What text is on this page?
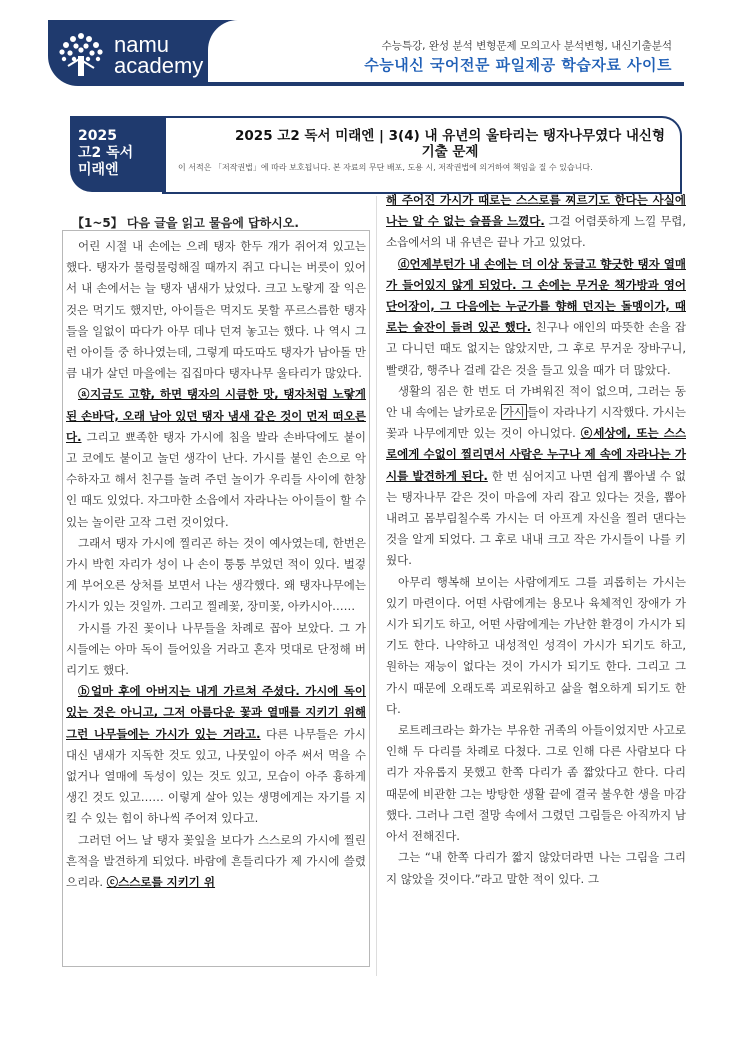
namu
academy
수능특강, 완성 분석 변형문제 모의고사 분석변형, 내신기출분석
수능내신 국어전문 파일제공 학습자료 사이트
2025
고2 독서
미래엔
2025 고2 독서 미래엔 | 3(4) 내 유년의 울타리는 탱자나무였다 내신형
기출 문제
이 서적은 「저작권법」에 따라 보호됩니다. 본 자료의 무단 배포, 도용 시, 저작권법에 의거하여 책임을 질 수 있습니다.
【1~5】 다음 글을 읽고 물음에 답하시오.

어린 시절 내 손에는 으레 탱자 한두 개가 쥐어져 있고는 했다. 탱자가 물렁물렁해질 때까지 쥐고 다니는 버릇이 있어서 내 손에서는 늘 탱자 냄새가 났었다. 크고 노랗게 잘 익은 것은 먹기도 했지만, 아이들은 먹지도 못할 푸르스름한 탱자들을 일없이 따다가 아무 데나 던져 놓고는 했다. 나 역시 그런 아이들 중 하나였는데, 그렇게 따도따도 탱자가 남아돌 만큼 내가 살던 마을에는 집집마다 탱자나무 울타리가 많았다.

ⓐ지금도 고향, 하면 탱자의 시큼한 맛, 탱자처럼 노랗게 된 손바닥, 오래 남아 있던 탱자 냄새 같은 것이 먼저 떠오른다. 그리고 뾰족한 탱자 가시에 침을 발라 손바닥에도 붙이고 코에도 붙이고 놀던 생각이 난다. 가시를 붙인 손으로 악수하자고 해서 친구를 놀려 주던 놀이가 우리들 사이에 한창인 때도 있었다. 자그마한 소읍에서 자라나는 아이들이 할 수 있는 놀이란 고작 그런 것이었다.

그래서 탱자 가시에 찔리곤 하는 것이 예사였는데, 한번은 가시 박힌 자리가 성이 나 손이 퉁퉁 부었던 적이 있다. 벌겋게 부어오른 상처를 보면서 나는 생각했다. 왜 탱자나무에는 가시가 있는 것일까. 그리고 찔레꽃, 장미꽃, 아카시아……

가시를 가진 꽃이나 나무들을 차례로 꼽아 보았다. 그 가시들에는 아마 독이 들어있을 거라고 혼자 멋대로 단정해 버리기도 했다.

ⓑ얼마 후에 아버지는 내게 가르쳐 주셨다. 가시에 독이 있는 것은 아니고, 그저 아름다운 꽃과 열매를 지키기 위해 그런 나무들에는 가시가 있는 거라고. 다른 나무들은 가시 대신 냄새가 지독한 것도 있고, 나뭇잎이 아주 써서 먹을 수 없거나 열매에 독성이 있는 것도 있고, 모습이 아주 흉하게 생긴 것도 있고…… 이렇게 살아 있는 생명에게는 자기를 지킬 수 있는 힘이 하나씩 주어져 있다고.

그러던 어느 날 탱자 꽃잎을 보다가 스스로의 가시에 찔린 흔적을 발견하게 되었다. 바람에 흔들리다가 제 가시에 쓸렸으리라. ⓒ스스로를 지키기 위

해 주어진 가시가 때로는 스스로를 찌르기도 한다는 사실에 나는 알 수 없는 슬픔을 느꼈다. 그걸 어렴풋하게 느낄 무렵, 소읍에서의 내 유년은 끝나 가고 있었다.

ⓓ언제부턴가 내 손에는 더 이상 둥글고 향긋한 탱자 열매가 들어있지 않게 되었다. 그 손에는 무거운 책가방과 영어 단어장이, 그 다음에는 누군가를 향해 던지는 돌멩이가, 때로는 술잔이 들려 있곤 했다. 친구나 애인의 따뜻한 손을 잡고 다니던 때도 없지는 않았지만, 그 후로 무거운 장바구니, 빨랫감, 행주나 걸레 같은 것을 들고 있을 때가 더 많았다.

생활의 짐은 한 번도 더 가벼워진 적이 없으며, 그러는 동안 내 속에는 날카로운 가시 들이 자라나기 시작했다. 가시는 꽃과 나무에게만 있는 것이 아니었다. ⓔ세상에, 또는 스스로에게 수없이 찔리면서 사람은 누구나 제 속에 자라나는 가시를 발견하게 된다. 한 번 심어지고 나면 쉽게 뽑아낼 수 없는 탱자나무 같은 것이 마음에 자리 잡고 있다는 것을, 뽑아내려고 몸부림칠수록 가시는 더 아프게 자신을 찔러 댄다는 것을 알게 되었다. 그 후로 내내 크고 작은 가시들이 나를 키웠다.

아무리 행복해 보이는 사람에게도 그를 괴롭히는 가시는 있기 마련이다. 어떤 사람에게는 용모나 육체적인 장애가 가시가 되기도 하고, 어떤 사람에게는 가난한 환경이 가시가 되기도 한다. 나약하고 내성적인 성격이 가시가 되기도 하고, 원하는 재능이 없다는 것이 가시가 되기도 한다. 그리고 그 가시 때문에 오래도록 괴로워하고 삶을 혐오하게 되기도 한다.

로트레크라는 화가는 부유한 귀족의 아들이었지만 사고로 인해 두 다리를 차례로 다쳤다. 그로 인해 다른 사람보다 다리가 자유롭지 못했고 한쪽 다리가 좀 짧았다고 한다. 다리 때문에 비관한 그는 방탕한 생활 끝에 결국 불우한 생을 마감했다. 그러나 그런 절망 속에서 그렸던 그림들은 아직까지 남아서 전해진다.

그는 “내 한쪽 다리가 짧지 않았더라면 나는 그림을 그리지 않았을 것이다.”라고 말한 적이 있다. 그
